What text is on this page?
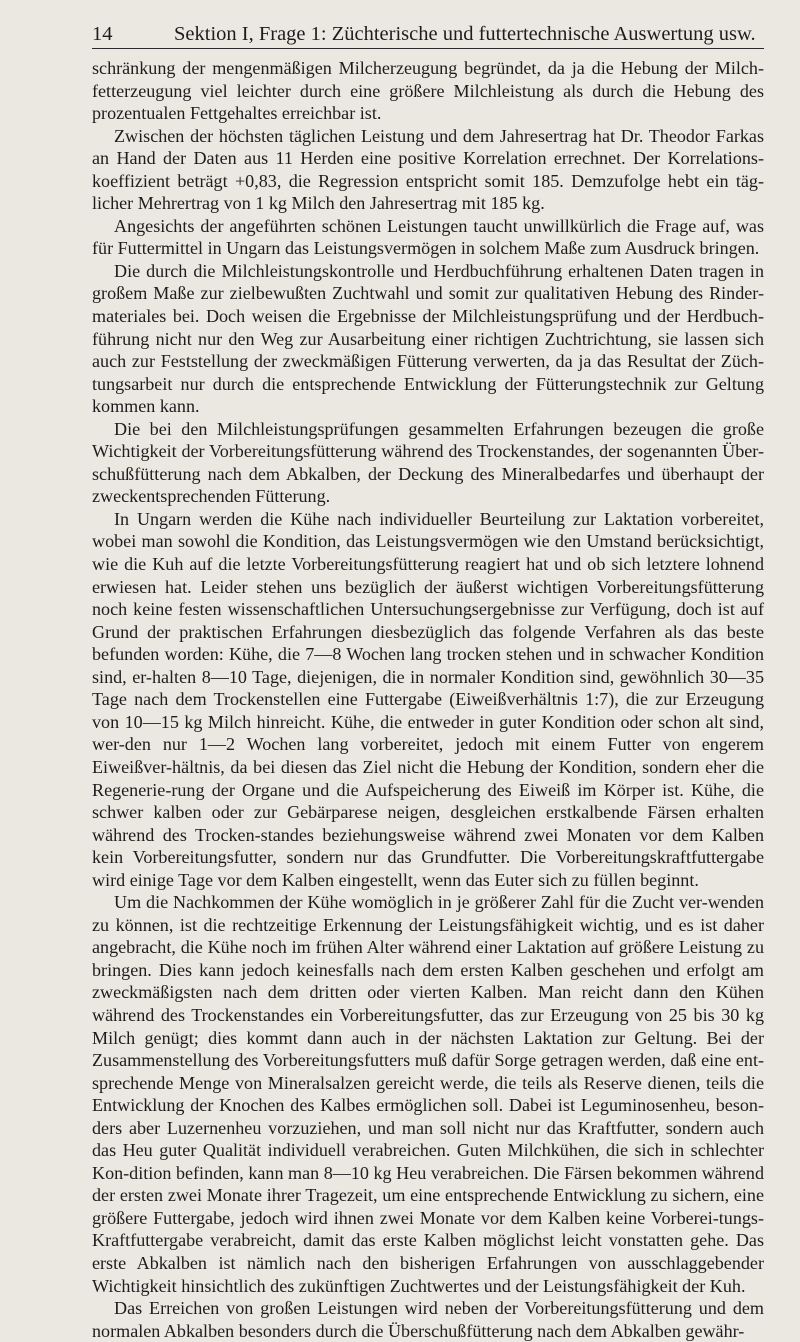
14	Sektion I, Frage 1: Züchterische und futtertechnische Auswertung usw.

schränkung der mengenmäßigen Milcherzeugung begründet, da ja die Hebung der Milch-fetterzeugung viel leichter durch eine größere Milchleistung als durch die Hebung des prozentualen Fettgehaltes erreichbar ist.

Zwischen der höchsten täglichen Leistung und dem Jahresertrag hat Dr. Theodor Farkas an Hand der Daten aus 11 Herden eine positive Korrelation errechnet. Der Korrelations-koeffizient beträgt +0,83, die Regression entspricht somit 185. Demzufolge hebt ein täg-licher Mehrertrag von 1 kg Milch den Jahresertrag mit 185 kg.

Angesichts der angeführten schönen Leistungen taucht unwillkürlich die Frage auf, was für Futtermittel in Ungarn das Leistungsvermögen in solchem Maße zum Ausdruck bringen.

Die durch die Milchleistungskontrolle und Herdbuchführung erhaltenen Daten tragen in großem Maße zur zielbewußten Zuchtwahl und somit zur qualitativen Hebung des Rinder-materiales bei. Doch weisen die Ergebnisse der Milchleistungsprüfung und der Herdbuch-führung nicht nur den Weg zur Ausarbeitung einer richtigen Zuchtrichtung, sie lassen sich auch zur Feststellung der zweckmäßigen Fütterung verwerten, da ja das Resultat der Züch-tungsarbeit nur durch die entsprechende Entwicklung der Fütterungstechnik zur Geltung kommen kann.

Die bei den Milchleistungsprüfungen gesammelten Erfahrungen bezeugen die große Wichtigkeit der Vorbereitungsfütterung während des Trockenstandes, der sogenannten Über-schußfütterung nach dem Abkalben, der Deckung des Mineralbedarfes und überhaupt der zweckentsprechenden Fütterung.

In Ungarn werden die Kühe nach individueller Beurteilung zur Laktation vorbereitet, wobei man sowohl die Kondition, das Leistungsvermögen wie den Umstand berücksichtigt, wie die Kuh auf die letzte Vorbereitungsfütterung reagiert hat und ob sich letztere lohnend erwiesen hat. Leider stehen uns bezüglich der äußerst wichtigen Vorbereitungsfütterung noch keine festen wissenschaftlichen Untersuchungsergebnisse zur Verfügung, doch ist auf Grund der praktischen Erfahrungen diesbezüglich das folgende Verfahren als das beste befunden worden: Kühe, die 7—8 Wochen lang trocken stehen und in schwacher Kondition sind, er-halten 8—10 Tage, diejenigen, die in normaler Kondition sind, gewöhnlich 30—35 Tage nach dem Trockenstellen eine Futtergabe (Eiweißverhältnis 1:7), die zur Erzeugung von 10—15 kg Milch hinreicht. Kühe, die entweder in guter Kondition oder schon alt sind, wer-den nur 1—2 Wochen lang vorbereitet, jedoch mit einem Futter von engerem Eiweißver-hältnis, da bei diesen das Ziel nicht die Hebung der Kondition, sondern eher die Regenerie-rung der Organe und die Aufspeicherung des Eiweiß im Körper ist. Kühe, die schwer kalben oder zur Gebärparese neigen, desgleichen erstkalbende Färsen erhalten während des Trocken-standes beziehungsweise während zwei Monaten vor dem Kalben kein Vorbereitungsfutter, sondern nur das Grundfutter. Die Vorbereitungskraftfuttergabe wird einige Tage vor dem Kalben eingestellt, wenn das Euter sich zu füllen beginnt.

Um die Nachkommen der Kühe womöglich in je größerer Zahl für die Zucht ver-wenden zu können, ist die rechtzeitige Erkennung der Leistungsfähigkeit wichtig, und es ist daher angebracht, die Kühe noch im frühen Alter während einer Laktation auf größere Leistung zu bringen. Dies kann jedoch keinesfalls nach dem ersten Kalben geschehen und erfolgt am zweckmäßigsten nach dem dritten oder vierten Kalben. Man reicht dann den Kühen während des Trockenstandes ein Vorbereitungsfutter, das zur Erzeugung von 25 bis 30 kg Milch genügt; dies kommt dann auch in der nächsten Laktation zur Geltung. Bei der Zusammenstellung des Vorbereitungsfutters muß dafür Sorge getragen werden, daß eine ent-sprechende Menge von Mineralsalzen gereicht werde, die teils als Reserve dienen, teils die Entwicklung der Knochen des Kalbes ermöglichen soll. Dabei ist Leguminosenheu, beson-ders aber Luzernenheu vorzuziehen, und man soll nicht nur das Kraftfutter, sondern auch das Heu guter Qualität individuell verabreichen. Guten Milchkühen, die sich in schlechter Kon-dition befinden, kann man 8—10 kg Heu verabreichen. Die Färsen bekommen während der ersten zwei Monate ihrer Tragezeit, um eine entsprechende Entwicklung zu sichern, eine größere Futtergabe, jedoch wird ihnen zwei Monate vor dem Kalben keine Vorberei-tungs-Kraftfuttergabe verabreicht, damit das erste Kalben möglichst leicht vonstatten gehe. Das erste Abkalben ist nämlich nach den bisherigen Erfahrungen von ausschlaggebender Wichtigkeit hinsichtlich des zukünftigen Zuchtwertes und der Leistungsfähigkeit der Kuh.

Das Erreichen von großen Leistungen wird neben der Vorbereitungsfütterung und dem normalen Abkalben besonders durch die Überschußfütterung nach dem Abkalben gewähr-
